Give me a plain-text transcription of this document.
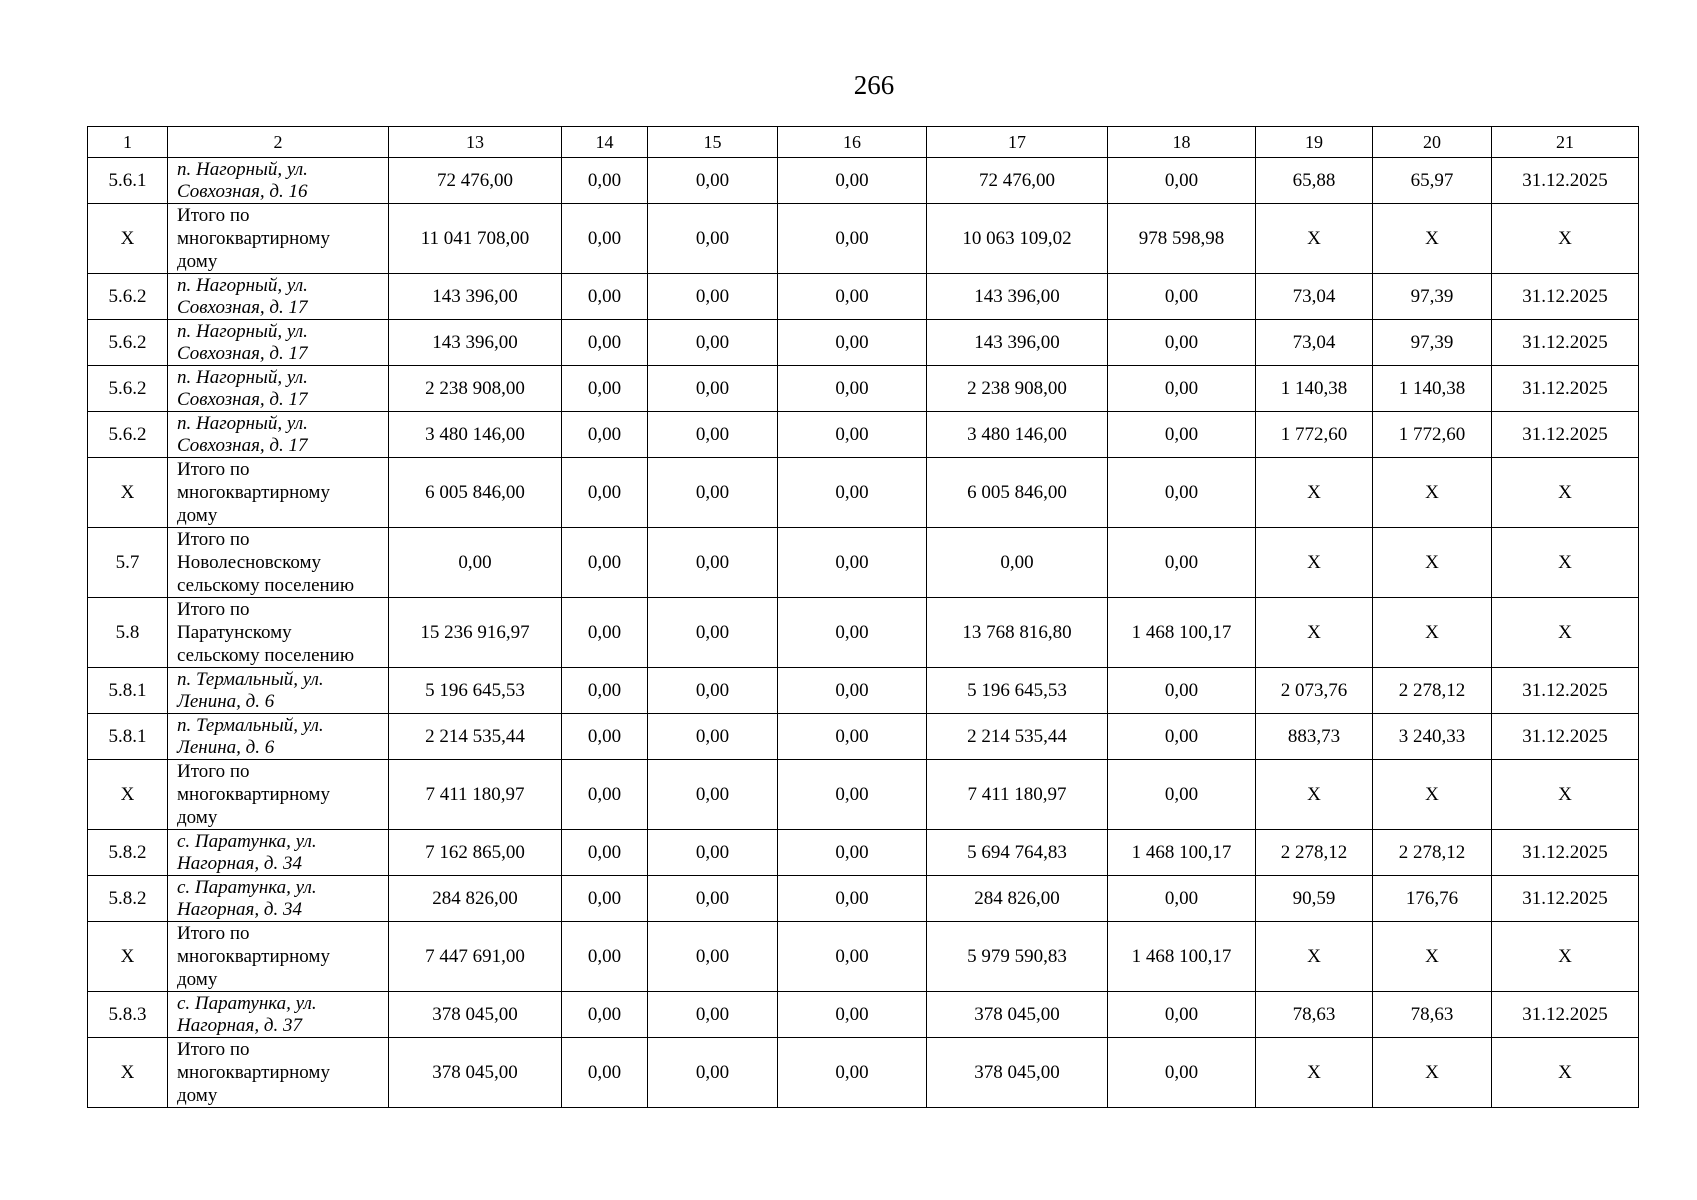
266
1	2	13	14	15	16	17	18	19	20	21
5.6.1	п. Нагорный, ул.
Совхозная, д. 16	72 476,00	0,00	0,00	0,00	72 476,00	0,00	65,88	65,97	31.12.2025
X	Итого по
многоквартирному
дому	11 041 708,00	0,00	0,00	0,00	10 063 109,02	978 598,98	X	X	X
5.6.2	п. Нагорный, ул.
Совхозная, д. 17	143 396,00	0,00	0,00	0,00	143 396,00	0,00	73,04	97,39	31.12.2025
5.6.2	п. Нагорный, ул.
Совхозная, д. 17	143 396,00	0,00	0,00	0,00	143 396,00	0,00	73,04	97,39	31.12.2025
5.6.2	п. Нагорный, ул.
Совхозная, д. 17	2 238 908,00	0,00	0,00	0,00	2 238 908,00	0,00	1 140,38	1 140,38	31.12.2025
5.6.2	п. Нагорный, ул.
Совхозная, д. 17	3 480 146,00	0,00	0,00	0,00	3 480 146,00	0,00	1 772,60	1 772,60	31.12.2025
X	Итого по
многоквартирному
дому	6 005 846,00	0,00	0,00	0,00	6 005 846,00	0,00	X	X	X
5.7	Итого по
Новолесновскому
сельскому поселению	0,00	0,00	0,00	0,00	0,00	0,00	X	X	X
5.8	Итого по
Паратунскому
сельскому поселению	15 236 916,97	0,00	0,00	0,00	13 768 816,80	1 468 100,17	X	X	X
5.8.1	п. Термальный, ул.
Ленина, д. 6	5 196 645,53	0,00	0,00	0,00	5 196 645,53	0,00	2 073,76	2 278,12	31.12.2025
5.8.1	п. Термальный, ул.
Ленина, д. 6	2 214 535,44	0,00	0,00	0,00	2 214 535,44	0,00	883,73	3 240,33	31.12.2025
X	Итого по
многоквартирному
дому	7 411 180,97	0,00	0,00	0,00	7 411 180,97	0,00	X	X	X
5.8.2	с. Паратунка, ул.
Нагорная, д. 34	7 162 865,00	0,00	0,00	0,00	5 694 764,83	1 468 100,17	2 278,12	2 278,12	31.12.2025
5.8.2	с. Паратунка, ул.
Нагорная, д. 34	284 826,00	0,00	0,00	0,00	284 826,00	0,00	90,59	176,76	31.12.2025
X	Итого по
многоквартирному
дому	7 447 691,00	0,00	0,00	0,00	5 979 590,83	1 468 100,17	X	X	X
5.8.3	с. Паратунка, ул.
Нагорная, д. 37	378 045,00	0,00	0,00	0,00	378 045,00	0,00	78,63	78,63	31.12.2025
X	Итого по
многоквартирному
дому	378 045,00	0,00	0,00	0,00	378 045,00	0,00	X	X	X
